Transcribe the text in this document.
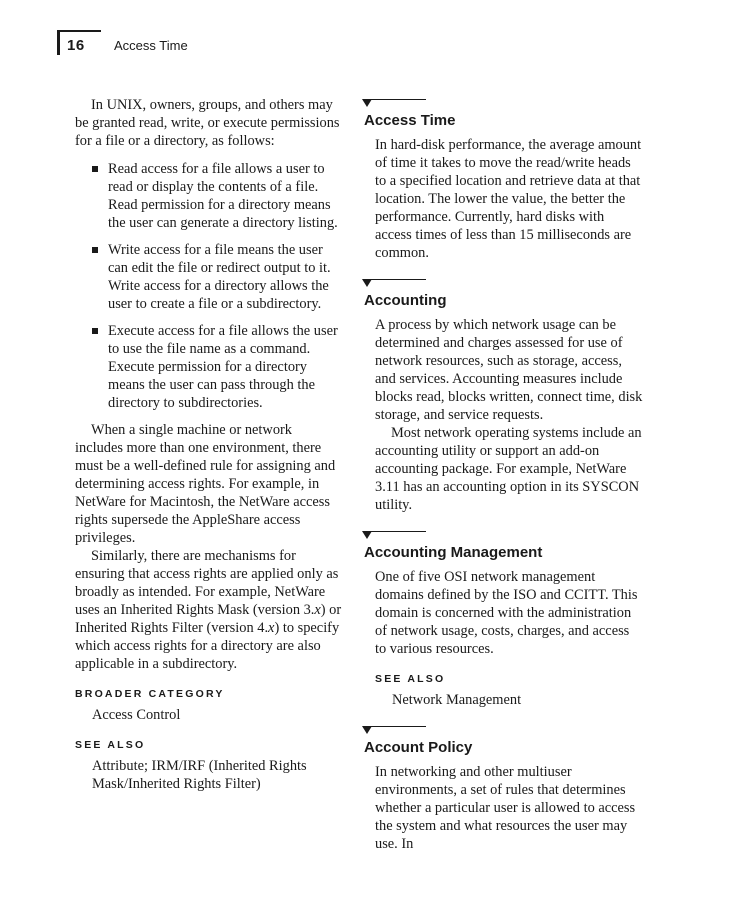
16 Access Time

In UNIX, owners, groups, and others may be granted read, write, or execute permissions for a file or a directory, as follows:

Read access for a file allows a user to read or display the contents of a file. Read permission for a directory means the user can generate a directory listing.
Write access for a file means the user can edit the file or redirect output to it. Write access for a directory allows the user to create a file or a subdirectory.
Execute access for a file allows the user to use the file name as a command. Execute permission for a directory means the user can pass through the directory to subdirectories.

When a single machine or network includes more than one environment, there must be a well-defined rule for assigning and determining access rights. For example, in NetWare for Macintosh, the NetWare access rights supersede the AppleShare access privileges.

Similarly, there are mechanisms for ensuring that access rights are applied only as broadly as intended. For example, NetWare uses an Inherited Rights Mask (version 3.x) or Inherited Rights Filter (version 4.x) to specify which access rights for a directory are also applicable in a subdirectory.

BROADER CATEGORY

Access Control

SEE ALSO

Attribute; IRM/IRF (Inherited Rights Mask/Inherited Rights Filter)

Access Time

In hard-disk performance, the average amount of time it takes to move the read/write heads to a specified location and retrieve data at that location. The lower the value, the better the performance. Currently, hard disks with access times of less than 15 milliseconds are common.

Accounting

A process by which network usage can be determined and charges assessed for use of network resources, such as storage, access, and services. Accounting measures include blocks read, blocks written, connect time, disk storage, and service requests.

Most network operating systems include an accounting utility or support an add-on accounting package. For example, NetWare 3.11 has an accounting option in its SYSCON utility.

Accounting Management

One of five OSI network management domains defined by the ISO and CCITT. This domain is concerned with the administration of network usage, costs, charges, and access to various resources.

SEE ALSO

Network Management

Account Policy

In networking and other multiuser environments, a set of rules that determines whether a particular user is allowed to access the system and what resources the user may use. In
